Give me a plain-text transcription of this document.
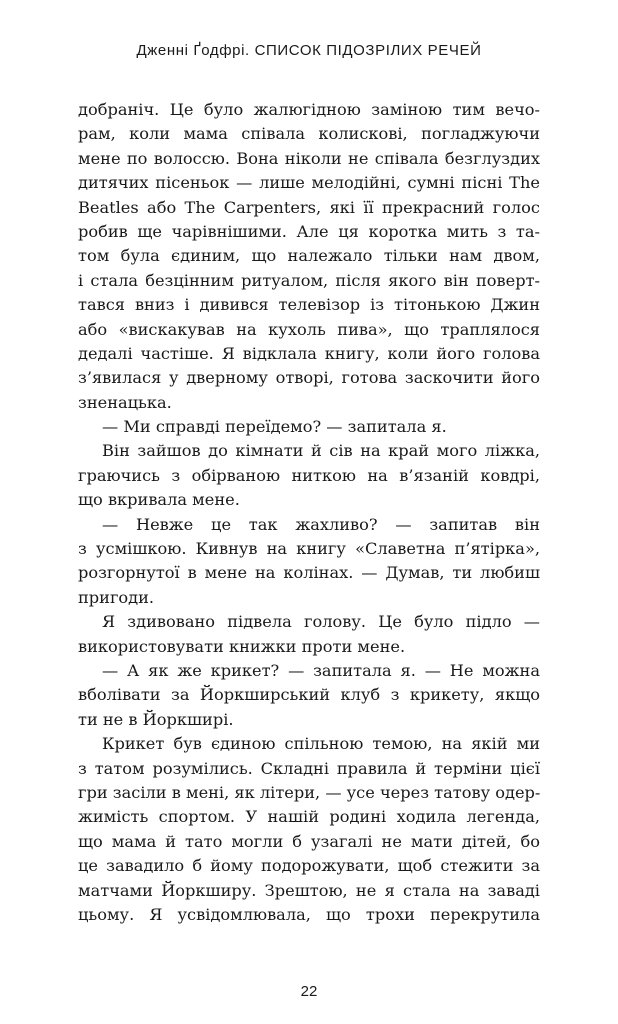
Дженні Ґодфрі. СПИСОК ПІДОЗРІЛИХ РЕЧЕЙ
добраніч. Це було жалюгідною заміною тим вечо-
рам, коли мама співала колискові, погладжуючи
мене по волоссю. Вона ніколи не співала безглуздих
дитячих пісеньок — лише мелодійні, сумні пісні The
Beatles або The Carpenters, які її прекрасний голос
робив ще чарівнішими. Але ця коротка мить з та-
том була єдиним, що належало тільки нам двом,
і стала безцінним ритуалом, після якого він поверт-
тався вниз і дивився телевізор із тітонькою Джин
або «вискакував на кухоль пива», що траплялося
дедалі частіше. Я відклала книгу, коли його голова
з’явилася у дверному отворі, готова заскочити його
зненацька.
— Ми справді переїдемо? — запитала я.
Він зайшов до кімнати й сів на край мого ліжка,
граючись з обірваною ниткою на в’язаній ковдрі,
що вкривала мене.
— Невже це так жахливо? — запитав він
з усмішкою. Кивнув на книгу «Славетна п’ятірка»,
розгорнутої в мене на колінах. — Думав, ти любиш
пригоди.
Я здивовано підвела голову. Це було підло —
використовувати книжки проти мене.
— А як же крикет? — запитала я. — Не можна
вболівати за Йоркширський клуб з крикету, якщо
ти не в Йоркширі.
Крикет був єдиною спільною темою, на якій ми
з татом розумілись. Складні правила й терміни цієї
гри засіли в мені, як літери, — усе через татову одер-
жимість спортом. У нашій родині ходила легенда,
що мама й тато могли б узагалі не мати дітей, бо
це завадило б йому подорожувати, щоб стежити за
матчами Йоркширу. Зрештою, не я стала на заваді
цьому. Я усвідомлювала, що трохи перекрутила
22
